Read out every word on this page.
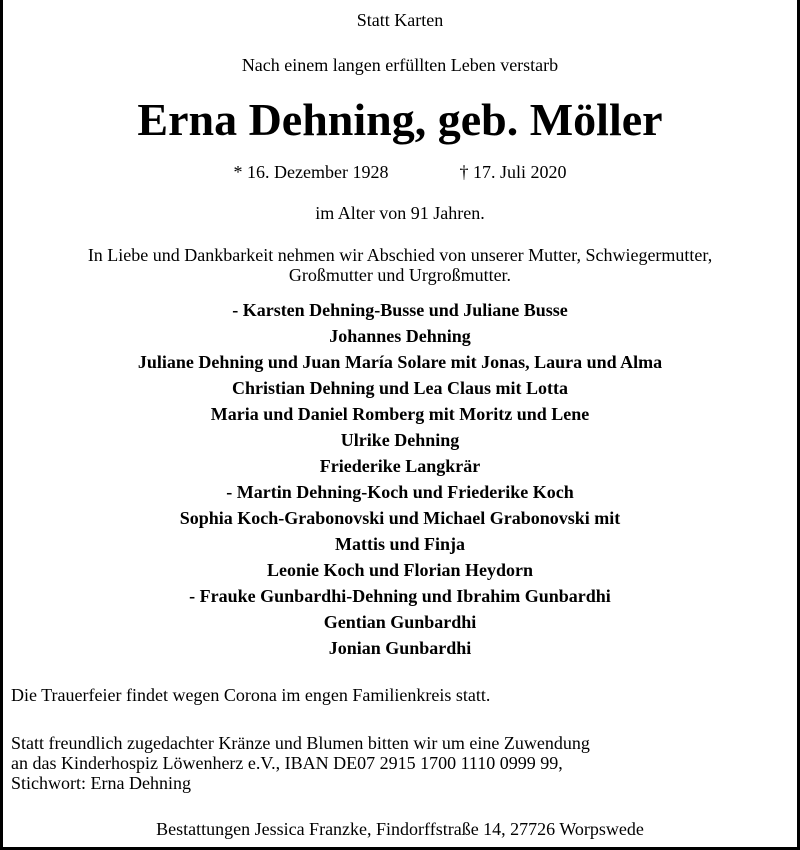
Statt Karten
Nach einem langen erfüllten Leben verstarb
Erna Dehning, geb. Möller
* 16. Dezember 1928	† 17. Juli 2020
im Alter von 91 Jahren.
In Liebe und Dankbarkeit nehmen wir Abschied von unserer Mutter, Schwiegermutter,
Großmutter und Urgroßmutter.
- Karsten Dehning-Busse und Juliane Busse
Johannes Dehning
Juliane Dehning und Juan María Solare mit Jonas, Laura und Alma
Christian Dehning und Lea Claus mit Lotta
Maria und Daniel Romberg mit Moritz und Lene
Ulrike Dehning
Friederike Langkrär
- Martin Dehning-Koch und Friederike Koch
Sophia Koch-Grabonovski und Michael Grabonovski mit
Mattis und Finja
Leonie Koch und Florian Heydorn
- Frauke Gunbardhi-Dehning und Ibrahim Gunbardhi
Gentian Gunbardhi
Jonian Gunbardhi
Die Trauerfeier findet wegen Corona im engen Familienkreis statt.
Statt freundlich zugedachter Kränze und Blumen bitten wir um eine Zuwendung
an das Kinderhospiz Löwenherz e.V., IBAN DE07 2915 1700 1110 0999 99,
Stichwort: Erna Dehning
Bestattungen Jessica Franzke, Findorffstraße 14, 27726 Worpswede
